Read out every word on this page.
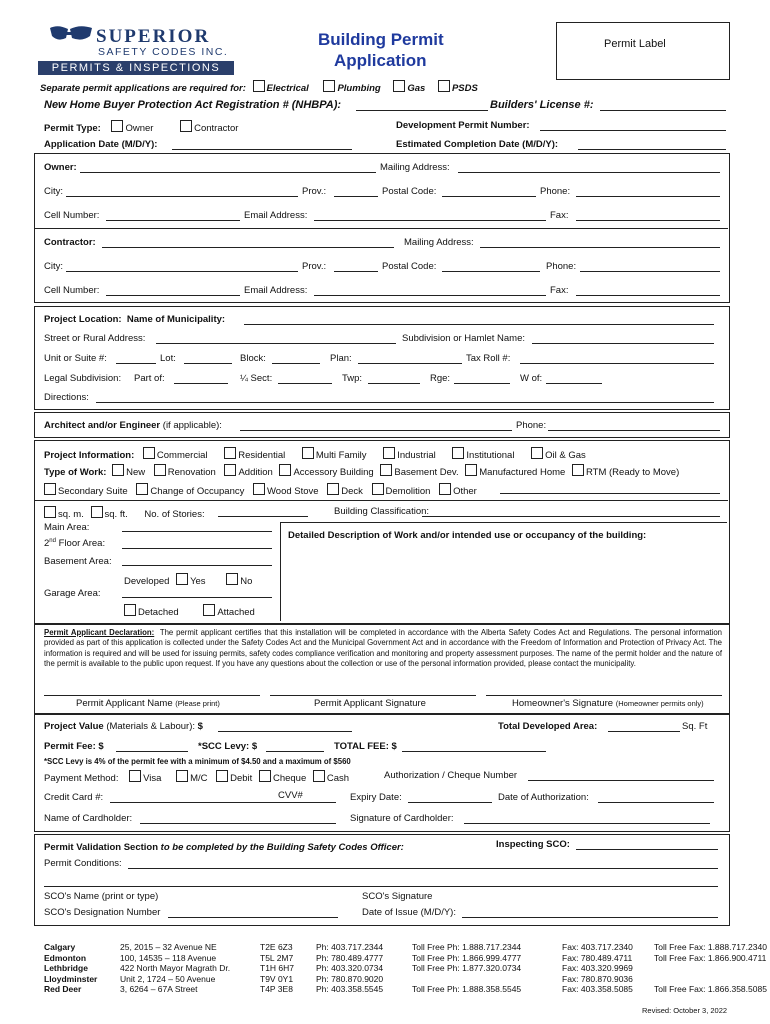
SUPERIOR
SAFETY CODES INC.
PERMITS & INSPECTIONS
Building Permit
Application
Permit Label
Separate permit applications are required for: Electrical	Plumbing	Gas	PSDS
New Home Buyer Protection Act Registration # (NHBPA):	Builders' License #:
Permit Type:	Owner	Contractor	Development Permit Number:
Application Date (M/D/Y):	Estimated Completion Date (M/D/Y):
Owner:	Mailing Address:
City:	Prov.:	Postal Code:	Phone:
Cell Number:	Email Address:	Fax:
Contractor:	Mailing Address:
City:	Prov.:	Postal Code:	Phone:
Cell Number:	Email Address:	Fax:
Project Location: Name of Municipality:
Street or Rural Address:	Subdivision or Hamlet Name:
Unit or Suite #:	Lot:	Block:	Plan:	Tax Roll #:
Legal Subdivision: Part of:	¼ Sect:	Twp:	Rge:	W of:
Directions:
Architect and/or Engineer (if applicable):	Phone:
Project Information: Commercial	Residential	Multi Family	Industrial	Institutional	Oil & Gas
Type of Work: New Renovation Addition Accessory Building Basement Dev. Manufactured Home RTM (Ready to Move)
Secondary Suite Change of Occupancy Wood Stove Deck Demolition Other
sq. m. sq. ft. No. of Stories:	Building Classification:
Main Area:
2nd Floor Area:
Basement Area:
Developed Yes	No
Garage Area:
Detached	Attached
Detailed Description of Work and/or intended use or occupancy of the building:
Permit Applicant Declaration: The permit applicant certifies that this installation will be completed in accordance with the Alberta Safety Codes Act and Regulations. The personal information provided as part of this application is collected under the Safety Codes Act and the Municipal Government Act and in accordance with the Freedom of Information and Protection of Privacy Act. The information is required and will be used for issuing permits, safety codes compliance verification and monitoring and property assessment purposes. The name of the permit holder and the nature of the permit is available to the public upon request. If you have any questions about the collection or use of the personal information provided, please contact the municipality.
Permit Applicant Name (Please print)	Permit Applicant Signature	Homeowner's Signature (Homeowner permits only)
Project Value (Materials & Labour): $	Total Developed Area:	Sq. Ft
Permit Fee: $	*SCC Levy: $	TOTAL FEE: $
*SCC Levy is 4% of the permit fee with a minimum of $4.50 and a maximum of $560
Payment Method:	Visa	M/C Debit Cheque Cash	Authorization / Cheque Number
Credit Card #:	CVV#	Expiry Date:	Date of Authorization:
Name of Cardholder:	Signature of Cardholder:
Permit Validation Section to be completed by the Building Safety Codes Officer:	Inspecting SCO:
Permit Conditions:
SCO's Name (print or type)	SCO's Signature
SCO's Designation Number	Date of Issue (M/D/Y):
Calgary	25, 2015 – 32 Avenue NE	T2E 6Z3	Ph: 403.717.2344	Toll Free Ph: 1.888.717.2344	Fax: 403.717.2340	Toll Free Fax: 1.888.717.2340
Edmonton	100, 14535 – 118 Avenue	T5L 2M7	Ph: 780.489.4777	Toll Free Ph: 1.866.999.4777	Fax: 780.489.4711	Toll Free Fax: 1.866.900.4711
Lethbridge	422 North Mayor Magrath Dr.	T1H 6H7	Ph: 403.320.0734	Toll Free Ph: 1.877.320.0734	Fax: 403.320.9969	
Lloydminster	Unit 2, 1724 – 50 Avenue	T9V 0Y1	Ph: 780.870.9020		Fax: 780.870.9036	
Red Deer	3, 6264 – 67A Street	T4P 3E8	Ph: 403.358.5545	Toll Free Ph: 1.888.358.5545	Fax: 403.358.5085	Toll Free Fax: 1.866.358.5085
Revised: October 3, 2022
